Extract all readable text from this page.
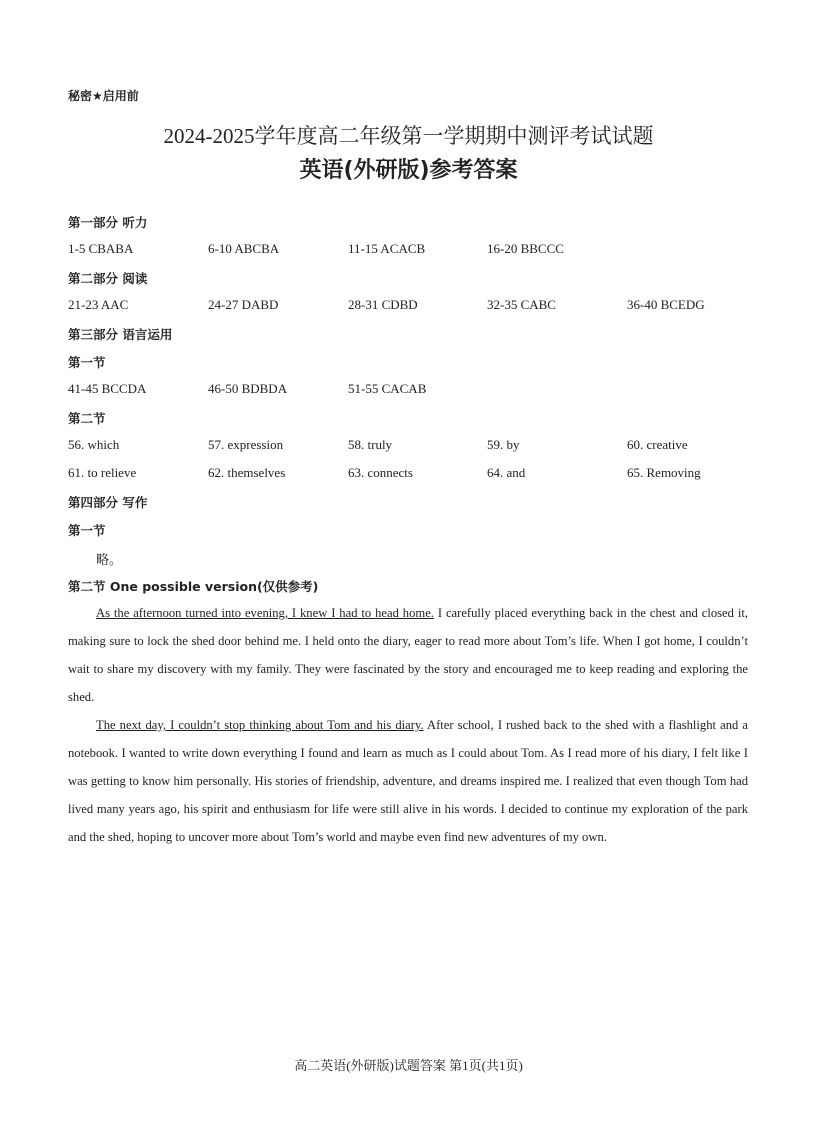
秘密★启用前
2024-2025学年度高二年级第一学期期中测评考试试题
英语(外研版)参考答案
第一部分 听力
1-5 CBABA	6-10 ABCBA	11-15 ACACB	16-20 BBCCC
第二部分 阅读
21-23 AAC	24-27 DABD	28-31 CDBD	32-35 CABC	36-40 BCEDG
第三部分 语言运用
第一节
41-45 BCCDA	46-50 BDBDA	51-55 CACAB
第二节
56. which	57. expression	58. truly	59. by	60. creative
61. to relieve	62. themselves	63. connects	64. and	65. Removing
第四部分 写作
第一节
略。
第二节 One possible version(仅供参考)
As the afternoon turned into evening, I knew I had to head home. I carefully placed everything back in the chest and closed it, making sure to lock the shed door behind me. I held onto the diary, eager to read more about Tom’s life. When I got home, I couldn’t wait to share my discovery with my family. They were fascinated by the story and encouraged me to keep reading and exploring the shed.
The next day, I couldn’t stop thinking about Tom and his diary. After school, I rushed back to the shed with a flashlight and a notebook. I wanted to write down everything I found and learn as much as I could about Tom. As I read more of his diary, I felt like I was getting to know him personally. His stories of friendship, adventure, and dreams inspired me. I realized that even though Tom had lived many years ago, his spirit and enthusiasm for life were still alive in his words. I decided to continue my exploration of the park and the shed, hoping to uncover more about Tom’s world and maybe even find new adventures of my own.
高二英语(外研版)试题答案 第1页(共1页)
